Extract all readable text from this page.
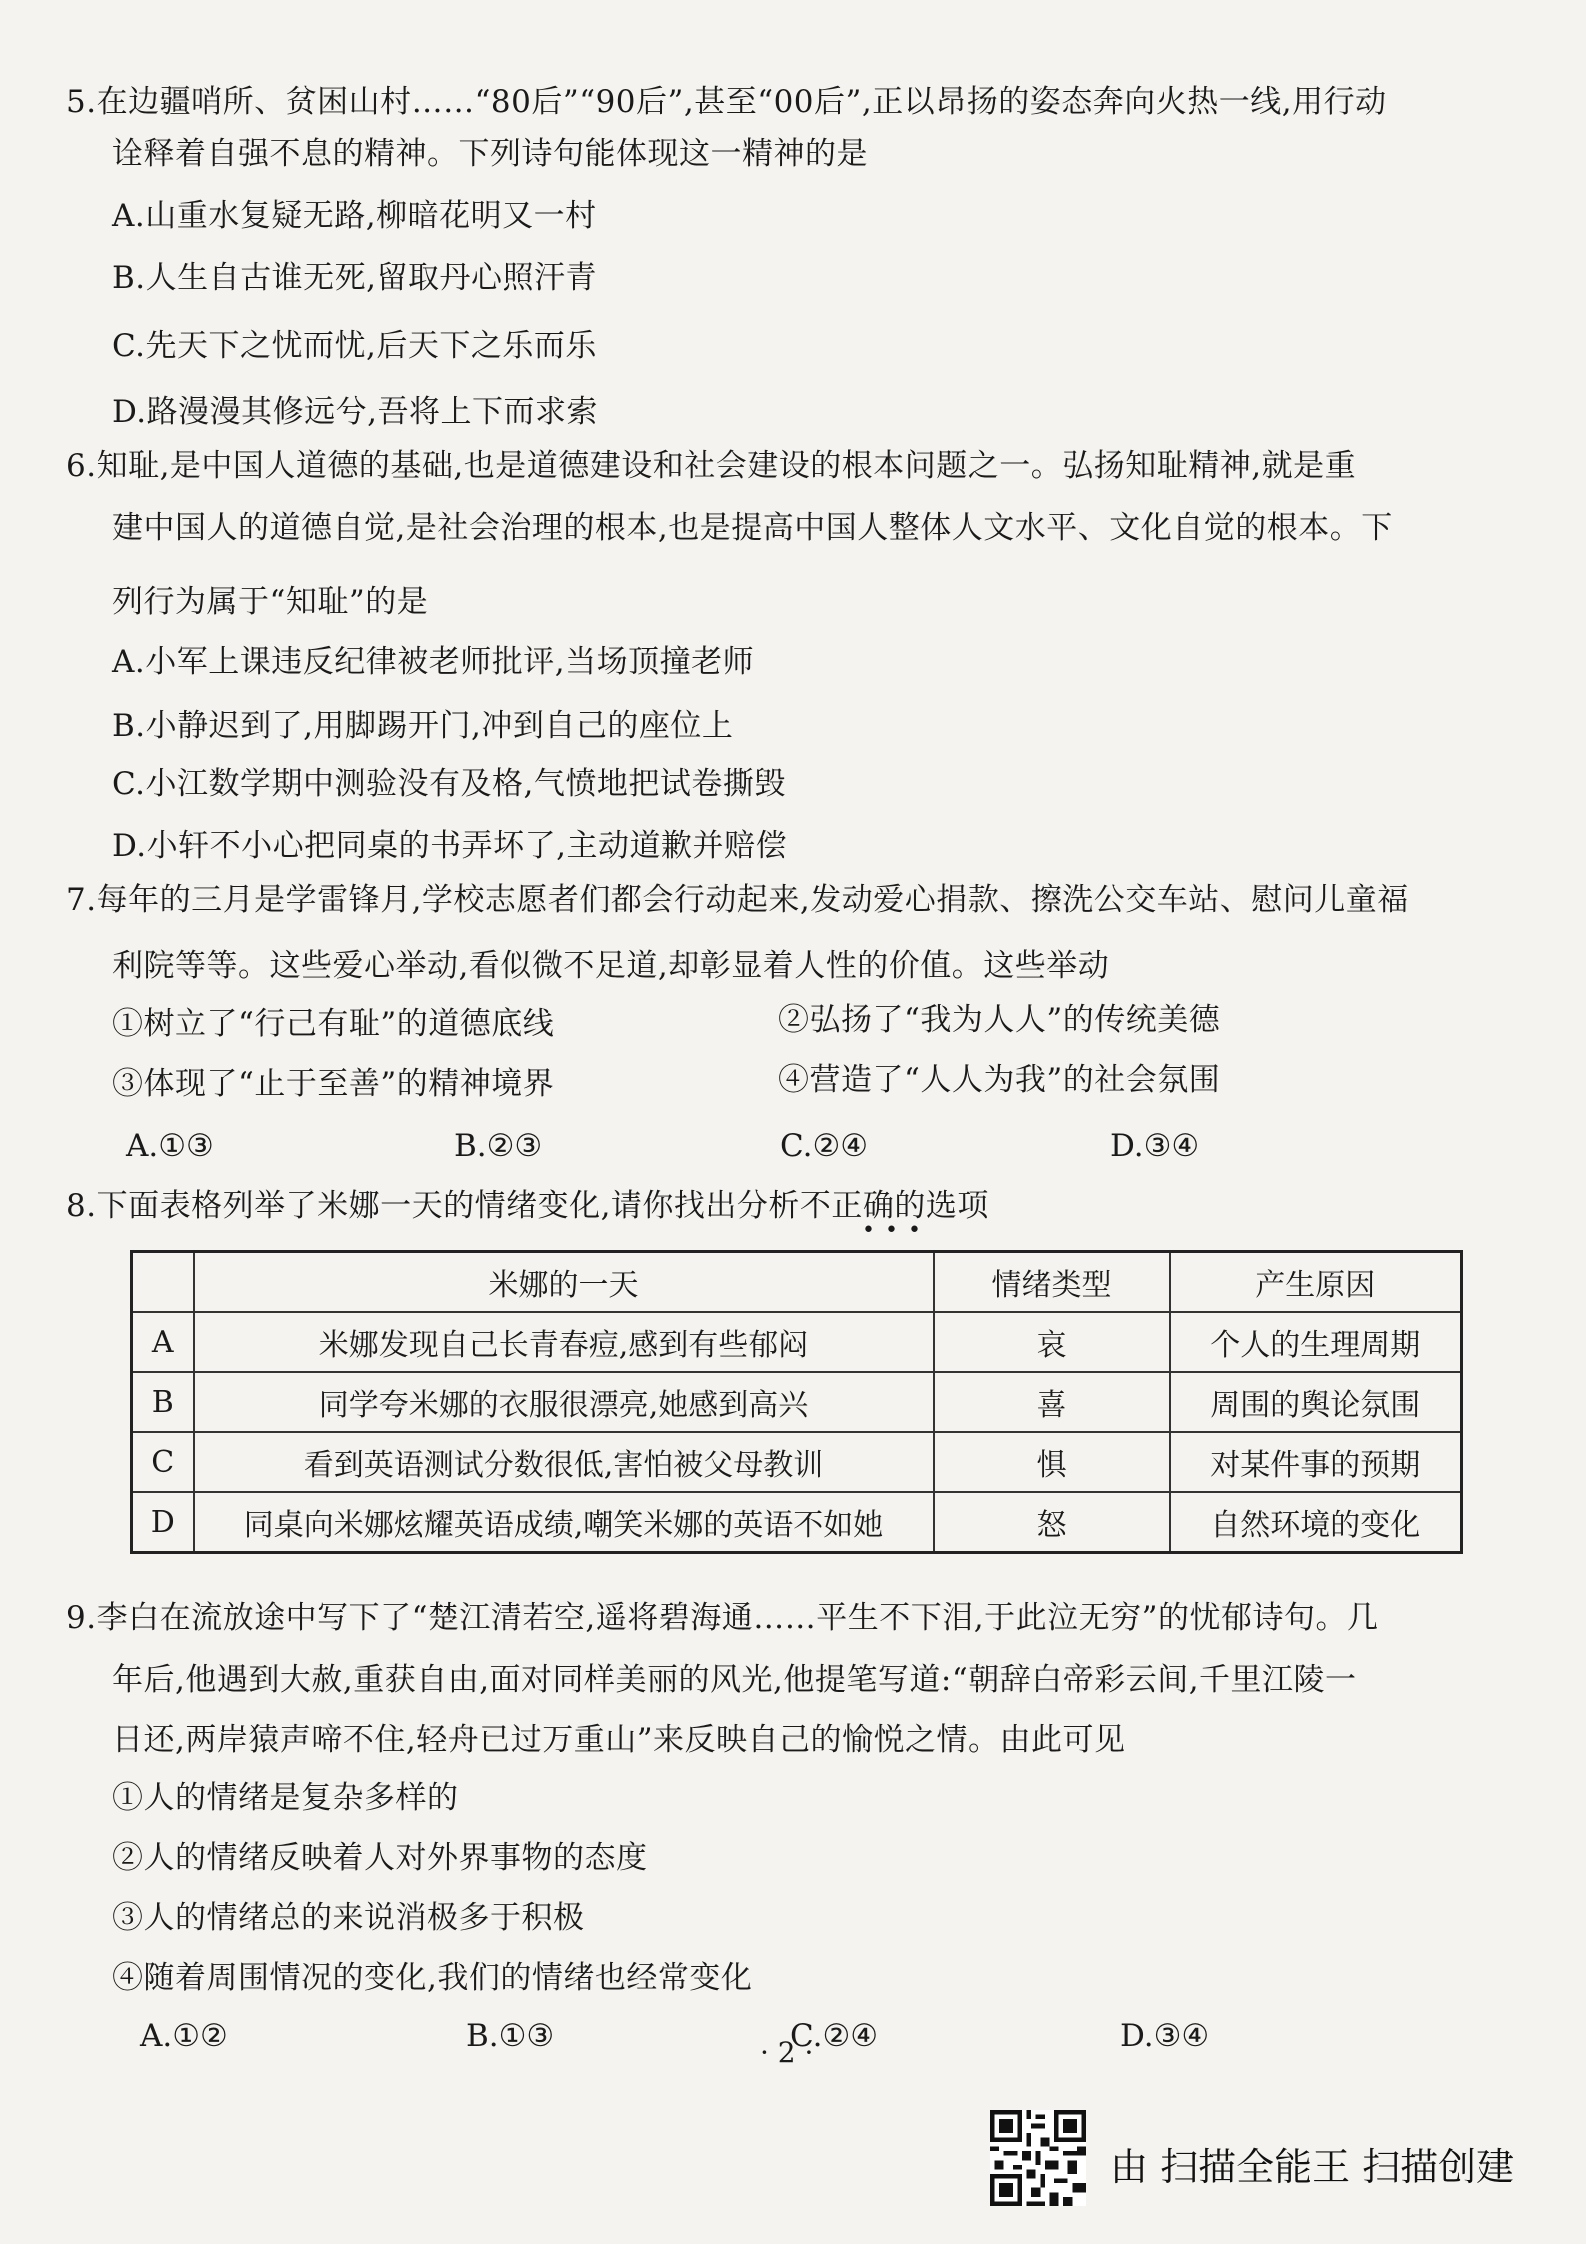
5.在边疆哨所、贫困山村……“80后”“90后”,甚至“00后”,正以昂扬的姿态奔向火热一线,用行动
诠释着自强不息的精神。下列诗句能体现这一精神的是
A.山重水复疑无路,柳暗花明又一村
B.人生自古谁无死,留取丹心照汗青
C.先天下之忧而忧,后天下之乐而乐
D.路漫漫其修远兮,吾将上下而求索
6.知耻,是中国人道德的基础,也是道德建设和社会建设的根本问题之一。弘扬知耻精神,就是重
建中国人的道德自觉,是社会治理的根本,也是提高中国人整体人文水平、文化自觉的根本。下
列行为属于“知耻”的是
A.小军上课违反纪律被老师批评,当场顶撞老师
B.小静迟到了,用脚踢开门,冲到自己的座位上
C.小江数学期中测验没有及格,气愤地把试卷撕毁
D.小轩不小心把同桌的书弄坏了,主动道歉并赔偿
7.每年的三月是学雷锋月,学校志愿者们都会行动起来,发动爱心捐款、擦洗公交车站、慰问儿童福
利院等等。这些爱心举动,看似微不足道,却彰显着人性的价值。这些举动
①树立了“行己有耻”的道德底线	②弘扬了“我为人人”的传统美德
③体现了“止于至善”的精神境界	④营造了“人人为我”的社会氛围
A.①③	B.②③	C.②④	D.③④
8.下面表格列举了米娜一天的情绪变化,请你找出分析不正确的选项
•••
	米娜的一天	情绪类型	产生原因
A	米娜发现自己长青春痘,感到有些郁闷	哀	个人的生理周期
B	同学夸米娜的衣服很漂亮,她感到高兴	喜	周围的舆论氛围
C	看到英语测试分数很低,害怕被父母教训	惧	对某件事的预期
D	同桌向米娜炫耀英语成绩,嘲笑米娜的英语不如她	怒	自然环境的变化
9.李白在流放途中写下了“楚江清若空,遥将碧海通……平生不下泪,于此泣无穷”的忧郁诗句。几
年后,他遇到大赦,重获自由,面对同样美丽的风光,他提笔写道:“朝辞白帝彩云间,千里江陵一
日还,两岸猿声啼不住,轻舟已过万重山”来反映自己的愉悦之情。由此可见
①人的情绪是复杂多样的
②人的情绪反映着人对外界事物的态度
③人的情绪总的来说消极多于积极
④随着周围情况的变化,我们的情绪也经常变化
A.①②	B.①③	C.②④	D.③④
· 2 ·
由 扫描全能王 扫描创建
